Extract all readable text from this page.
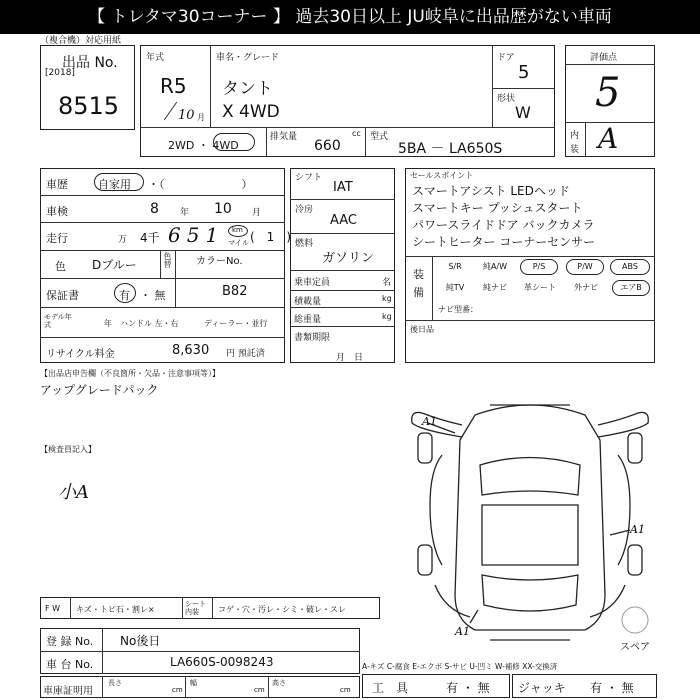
【 トレタマ30コーナー 】 過去30日以上 JU岐阜に出品歴がない車両
（複合機）対応用紙
出品 No.
[2018]
8515
年式
R5
10 月
車名・グレード
タント
X 4WD
ドア
5
形状
W
2WD ・ 4WD
排気量	cc
660
型式
5BA － LA650S
評価点
5
内
装 A
車歴	自家用 ・（　　　　　　　）
車検	8 年 10 月
走行	万 4千 651 km
マイル (　1　)
色 Dブルー	色替 カラーNo.
B82
保証書	有 ・ 無
モデル年式	年 ハンドル 左・右	ディーラー・並行
リサイクル料金	8,630 円 預託済
シフト
IAT
冷房
AAC
燃料
ガソリン
乗車定員	名
積載量	kg
総重量	kg
書類期限
月　日
セールスポイント
スマートアシスト LEDヘッド
スマートキー プッシュスタート
パワースライドドア バックカメラ
シートヒーター コーナーセンサー
装
備
S/R	純A/W	P/S	P/W	ABS
純TV	純ナビ	革シート	外ナビ	エアB
ナビ型番：
後日品
【出品店申告欄（不良箇所・欠品・注意事項等）】
アップグレードパック
【検査員記入】
小A
A1
A1
A1
スペア
F W キズ・トビ石・割レ×
シート内装	コゲ・穴・汚レ・シミ・破レ・スレ
登 録 No. No後日
車 台 No.	LA660S-0098243
車庫証明用
長さ
cm
幅
cm
高さ
cm
A-キズ C-腐食 E-エクボ S-サビ U-凹ミ W-補修 XX-交換済
工　具	有 ・ 無 ジャッキ 有 ・ 無
